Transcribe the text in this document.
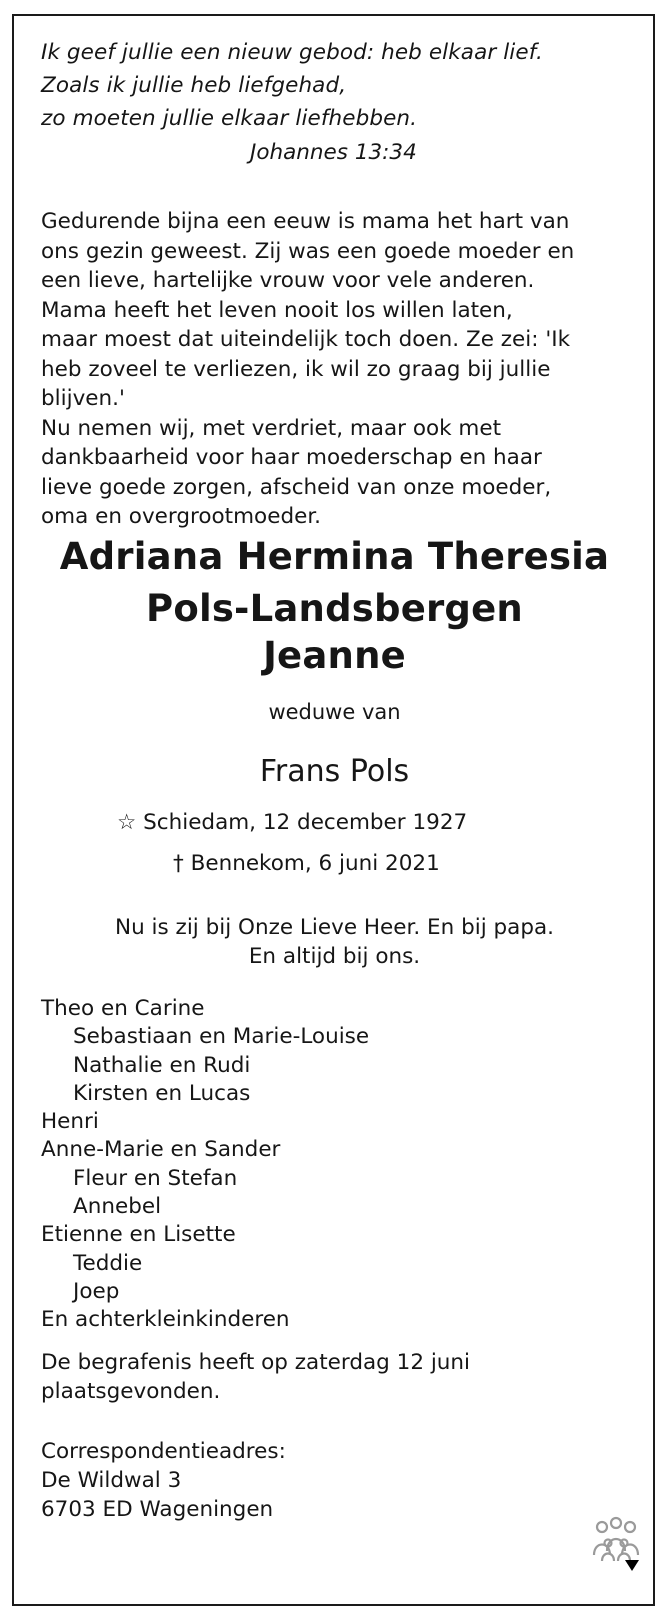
Ik geef jullie een nieuw gebod: heb elkaar lief.
Zoals ik jullie heb liefgehad,
zo moeten jullie elkaar liefhebben.
Johannes 13:34
Gedurende bijna een eeuw is mama het hart van
ons gezin geweest. Zij was een goede moeder en
een lieve, hartelijke vrouw voor vele anderen.
Mama heeft het leven nooit los willen laten,
maar moest dat uiteindelijk toch doen. Ze zei: 'Ik
heb zoveel te verliezen, ik wil zo graag bij jullie
blijven.'
Nu nemen wij, met verdriet, maar ook met
dankbaarheid voor haar moederschap en haar
lieve goede zorgen, afscheid van onze moeder,
oma en overgrootmoeder.
Adriana Hermina Theresia
Pols-Landsbergen
Jeanne
weduwe van
Frans Pols
☆ Schiedam, 12 december 1927
† Bennekom, 6 juni 2021
Nu is zij bij Onze Lieve Heer. En bij papa.
En altijd bij ons.
Theo en Carine
Sebastiaan en Marie-Louise
Nathalie en Rudi
Kirsten en Lucas
Henri
Anne-Marie en Sander
Fleur en Stefan
Annebel
Etienne en Lisette
Teddie
Joep
En achterkleinkinderen
De begrafenis heeft op zaterdag 12 juni
plaatsgevonden.
Correspondentieadres:
De Wildwal 3
6703 ED Wageningen
